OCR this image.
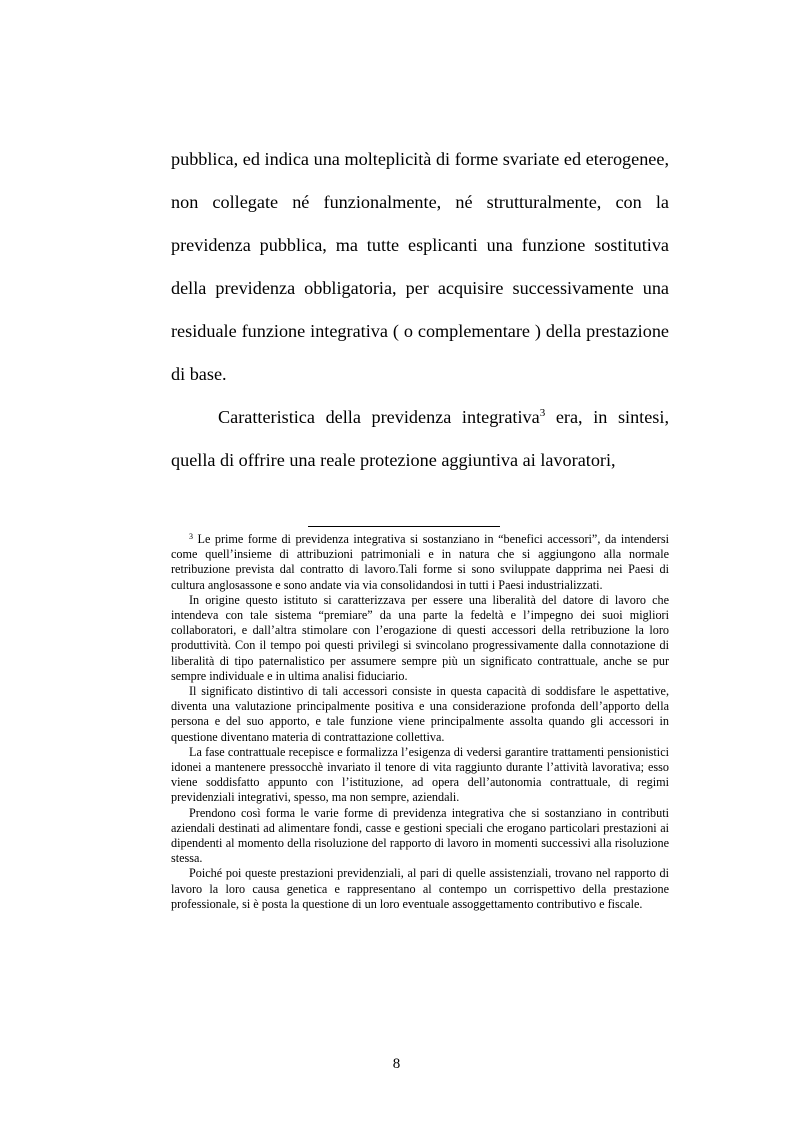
pubblica, ed indica una molteplicità di forme svariate ed eterogenee, non collegate né funzionalmente, né strutturalmente, con la previdenza pubblica, ma tutte esplicanti una funzione sostitutiva della previdenza obbligatoria, per acquisire successivamente una residuale funzione integrativa ( o complementare ) della prestazione di base.

Caratteristica della previdenza integrativa$^3$ era, in sintesi, quella di offrire una reale protezione aggiuntiva ai lavoratori,

$^3$ Le prime forme di previdenza integrativa si sostanziano in “benefici accessori”, da intendersi come quell’insieme di attribuzioni patrimoniali e in natura che si aggiungono alla normale retribuzione prevista dal contratto di lavoro.Tali forme si sono sviluppate dapprima nei Paesi di cultura anglosassone e sono andate via via consolidandosi in tutti i Paesi industrializzati.

In origine questo istituto si caratterizzava per essere una liberalità del datore di lavoro che intendeva con tale sistema “premiare” da una parte la fedeltà e l’impegno dei suoi migliori collaboratori, e dall’altra stimolare con l’erogazione di questi accessori della retribuzione la loro produttività. Con il tempo poi questi privilegi si svincolano progressivamente dalla connotazione di liberalità di tipo paternalistico per assumere sempre più un significato contrattuale, anche se pur sempre individuale e in ultima analisi fiduciario.

Il significato distintivo di tali accessori consiste in questa capacità di soddisfare le aspettative, diventa una valutazione principalmente positiva e una considerazione profonda dell’apporto della persona e del suo apporto, e tale funzione viene principalmente assolta quando gli accessori in questione diventano materia di contrattazione collettiva.

La fase contrattuale recepisce e formalizza l’esigenza di vedersi garantire trattamenti pensionistici idonei a mantenere pressocchè invariato il tenore di vita raggiunto durante l’attività lavorativa; esso viene soddisfatto appunto con l’istituzione, ad opera dell’autonomia contrattuale, di regimi previdenziali integrativi, spesso, ma non sempre, aziendali.

Prendono così forma le varie forme di previdenza integrativa che si sostanziano in contributi aziendali destinati ad alimentare fondi, casse e gestioni speciali che erogano particolari prestazioni ai dipendenti al momento della risoluzione del rapporto di lavoro in momenti successivi alla risoluzione stessa.

Poiché poi queste prestazioni previdenziali, al pari di quelle assistenziali, trovano nel rapporto di lavoro la loro causa genetica e rappresentano al contempo un corrispettivo della prestazione professionale, si è posta la questione di un loro eventuale assoggettamento contributivo e fiscale.

8
